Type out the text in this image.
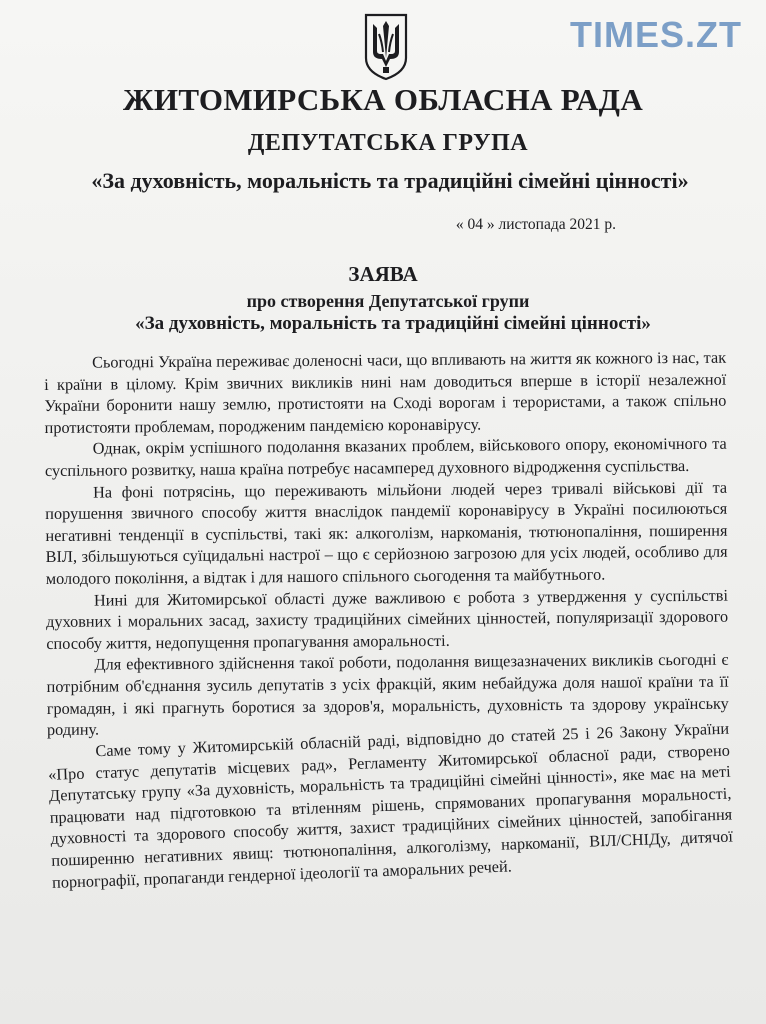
TIMES.ZT
ЖИТОМИРСЬКА ОБЛАСНА РАДА
ДЕПУТАТСЬКА ГРУПА
«За духовність, моральність та традиційні сімейні цінності»
« 04 » листопада 2021 р.
ЗАЯВА
про створення Депутатської групи
«За духовність, моральність та традиційні сімейні цінності»

Сьогодні Україна переживає доленосні часи, що впливають на життя як кожного із нас, так і країни в цілому. Крім звичних викликів нині нам доводиться вперше в історії незалежної України боронити нашу землю, протистояти на Сході ворогам і терористами, а також спільно протистояти проблемам, породженим пандемією коронавірусу.

Однак, окрім успішного подолання вказаних проблем, військового опору, економічного та суспільного розвитку, наша країна потребує насамперед духовного відродження суспільства.

На фоні потрясінь, що переживають мільйони людей через тривалі військові дії та порушення звичного способу життя внаслідок пандемії коронавірусу в Україні посилюються негативні тенденції в суспільстві, такі як: алкоголізм, наркоманія, тютюнопаління, поширення ВІЛ, збільшуються суїцидальні настрої – що є серйозною загрозою для усіх людей, особливо для молодого покоління, а відтак і для нашого спільного сьогодення та майбутнього.

Нині для Житомирської області дуже важливою є робота з утвердження у суспільстві духовних і моральних засад, захисту традиційних сімейних цінностей, популяризації здорового способу життя, недопущення пропагування аморальності.

Для ефективного здійснення такої роботи, подолання вищезазначених викликів сьогодні є потрібним об'єднання зусиль депутатів з усіх фракцій, яким небайдужа доля нашої країни та її громадян, і які прагнуть боротися за здоров'я, моральність, духовність та здорову українську родину.

Саме тому у Житомирській обласній раді, відповідно до статей 25 і 26 Закону України «Про статус депутатів місцевих рад», Регламенту Житомирської обласної ради, створено Депутатську групу «За духовність, моральність та традиційні сімейні цінності», яке має на меті працювати над підготовкою та втіленням рішень, спрямованих пропагування моральності, духовності та здорового способу життя, захист традиційних сімейних цінностей, запобігання поширенню негативних явищ: тютюнопаління, алкоголізму, наркоманії, ВІЛ/СНІДу, дитячої порнографії, пропаганди гендерної ідеології та аморальних речей.
